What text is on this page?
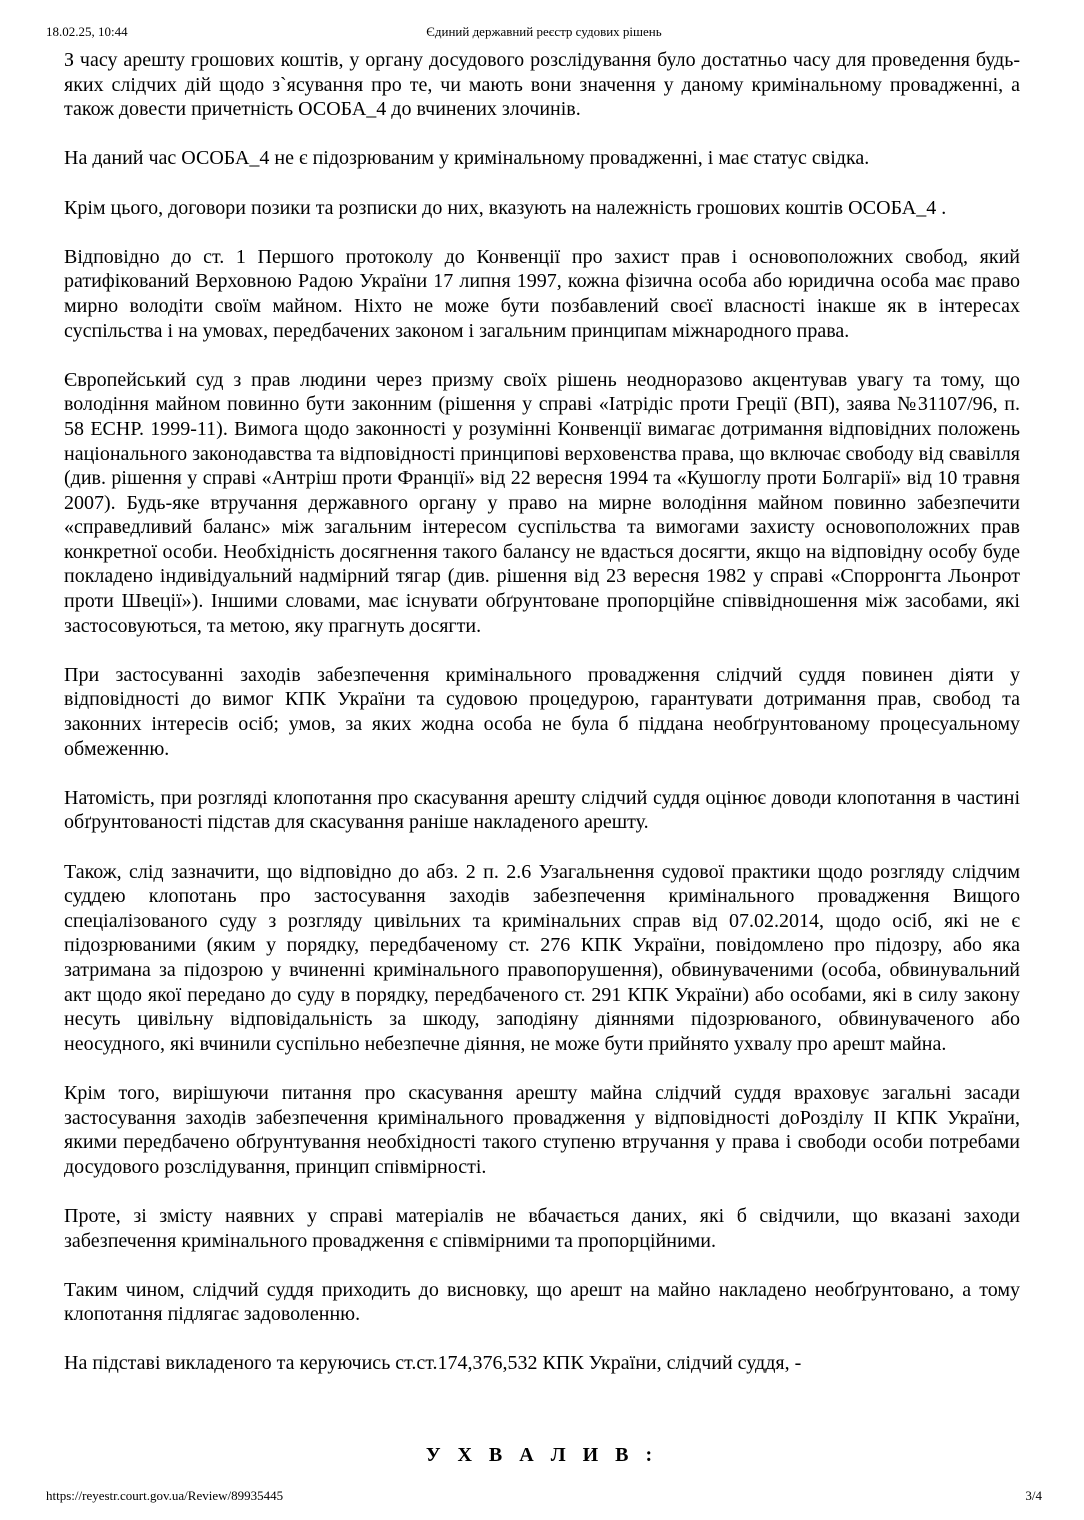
18.02.25, 10:44	Єдиний державний реєстр судових рішень

З часу арешту грошових коштів, у органу досудового розслідування було достатньо часу для проведення будь-яких слідчих дій щодо з`ясування про те, чи мають вони значення у даному кримінальному провадженні, а також довести причетність ОСОБА_4 до вчинених злочинів.

На даний час ОСОБА_4 не є підозрюваним у кримінальному провадженні, і має статус свідка.

Крім цього, договори позики та розписки до них, вказують на належність грошових коштів ОСОБА_4 .

Відповідно до ст. 1 Першого протоколу до Конвенції про захист прав і основоположних свобод, який ратифікований Верховною Радою України 17 липня 1997, кожна фізична особа або юридична особа має право мирно володіти своїм майном. Ніхто не може бути позбавлений своєї власності інакше як в інтересах суспільства і на умовах, передбачених законом і загальним принципам міжнародного права.

Європейський суд з прав людини через призму своїх рішень неодноразово акцентував увагу та тому, що володіння майном повинно бути законним (рішення у справі «Іатрідіс проти Греції (ВП), заява №31107/96, п. 58 ЕСНР. 1999-11). Вимога щодо законності у розумінні Конвенції вимагає дотримання відповідних положень національного законодавства та відповідності принципові верховенства права, що включає свободу від свавілля (див. рішення у справі «Антріш проти Франції» від 22 вересня 1994 та «Кушоглу проти Болгарії» від 10 травня 2007). Будь-яке втручання державного органу у право на мирне володіння майном повинно забезпечити «справедливий баланс» між загальним інтересом суспільства та вимогами захисту основоположних прав конкретної особи. Необхідність досягнення такого балансу не вдасться досягти, якщо на відповідну особу буде покладено індивідуальний надмірний тягар (див. рішення від 23 вересня 1982 у справі «Спорронгта Льонрот проти Швеції»). Іншими словами, має існувати обґрунтоване пропорційне співвідношення між засобами, які застосовуються, та метою, яку прагнуть досягти.

При застосуванні заходів забезпечення кримінального провадження слідчий суддя повинен діяти у відповідності до вимог КПК України та судовою процедурою, гарантувати дотримання прав, свобод та законних інтересів осіб; умов, за яких жодна особа не була б піддана необґрунтованому процесуальному обмеженню.

Натомість, при розгляді клопотання про скасування арешту слідчий суддя оцінює доводи клопотання в частині обґрунтованості підстав для скасування раніше накладеного арешту.

Також, слід зазначити, що відповідно до абз. 2 п. 2.6 Узагальнення судової практики щодо розгляду слідчим суддею клопотань про застосування заходів забезпечення кримінального провадження Вищого спеціалізованого суду з розгляду цивільних та кримінальних справ від 07.02.2014, щодо осіб, які не є підозрюваними (яким у порядку, передбаченому ст. 276 КПК України, повідомлено про підозру, або яка затримана за підозрою у вчиненні кримінального правопорушення), обвинуваченими (особа, обвинувальний акт щодо якої передано до суду в порядку, передбаченого ст. 291 КПК України) або особами, які в силу закону несуть цивільну відповідальність за шкоду, заподіяну діяннями підозрюваного, обвинуваченого або неосудного, які вчинили суспільно небезпечне діяння, не може бути прийнято ухвалу про арешт майна.

Крім того, вирішуючи питання про скасування арешту майна слідчий суддя враховує загальні засади застосування заходів забезпечення кримінального провадження у відповідності доРозділу ІІ КПК України, якими передбачено обґрунтування необхідності такого ступеню втручання у права і свободи особи потребами досудового розслідування, принцип співмірності.

Проте, зі змісту наявних у справі матеріалів не вбачається даних, які б свідчили, що вказані заходи забезпечення кримінального провадження є співмірними та пропорційними.

Таким чином, слідчий суддя приходить до висновку, що арешт на майно накладено необґрунтовано, а тому клопотання підлягає задоволенню.

На підставі викладеного та керуючись ст.ст.174,376,532 КПК України, слідчий суддя, -

У Х В А Л И В :
https://reyestr.court.gov.ua/Review/89935445	3/4
